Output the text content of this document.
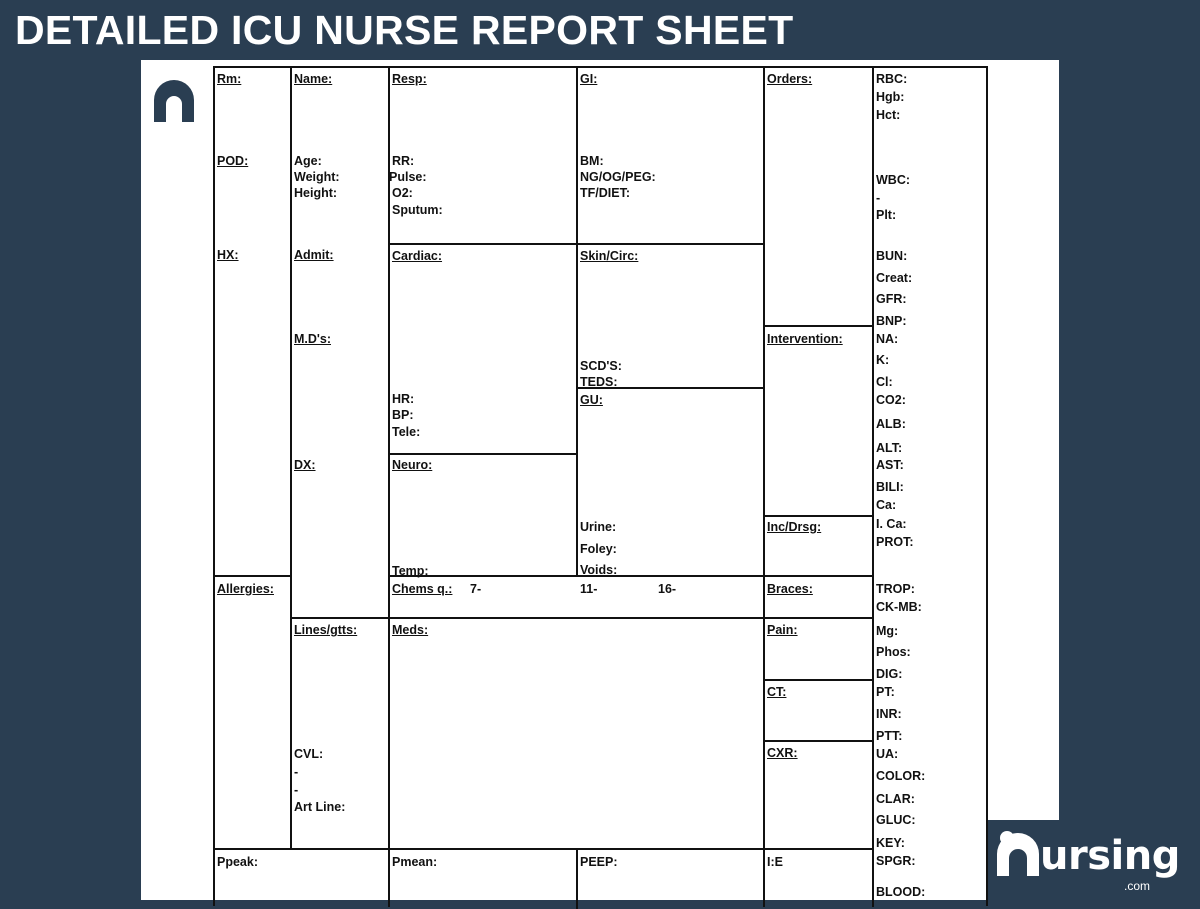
DETAILED ICU NURSE REPORT SHEET
Rm:
POD:
HX:
Allergies:
Name:
Age:
Weight:
Height:
Admit:
M.D's:
DX:
Lines/gtts:
CVL:
-
-
Art Line:
Resp:
RR:
Pulse:
O2:
Sputum:
GI:
BM:
NG/OG/PEG:
TF/DIET:
Cardiac:
HR:
BP:
Tele:
Skin/Circ:
SCD'S:
TEDS:
GU:
Urine:
Foley:
Voids:
Neuro:
Temp:
Chems q.: 7-	11-	16-
Meds:
Orders:
Intervention:
Inc/Drsg:
Braces:
Pain:
CT:
CXR:
RBC:
Hgb:
Hct:
WBC:
-
Plt:
BUN:
Creat:
GFR:
BNP:
NA:
K:
Cl:
CO2:
ALB:
ALT:
AST:
BILI:
Ca:
I. Ca:
PROT:
TROP:
CK-MB:
Mg:
Phos:
DIG:
PT:
INR:
PTT:
UA:
COLOR:
CLAR:
GLUC:
KEY:
SPGR:
BLOOD:
Ppeak:	Pmean:	PEEP:	I:E	ursing
.com
